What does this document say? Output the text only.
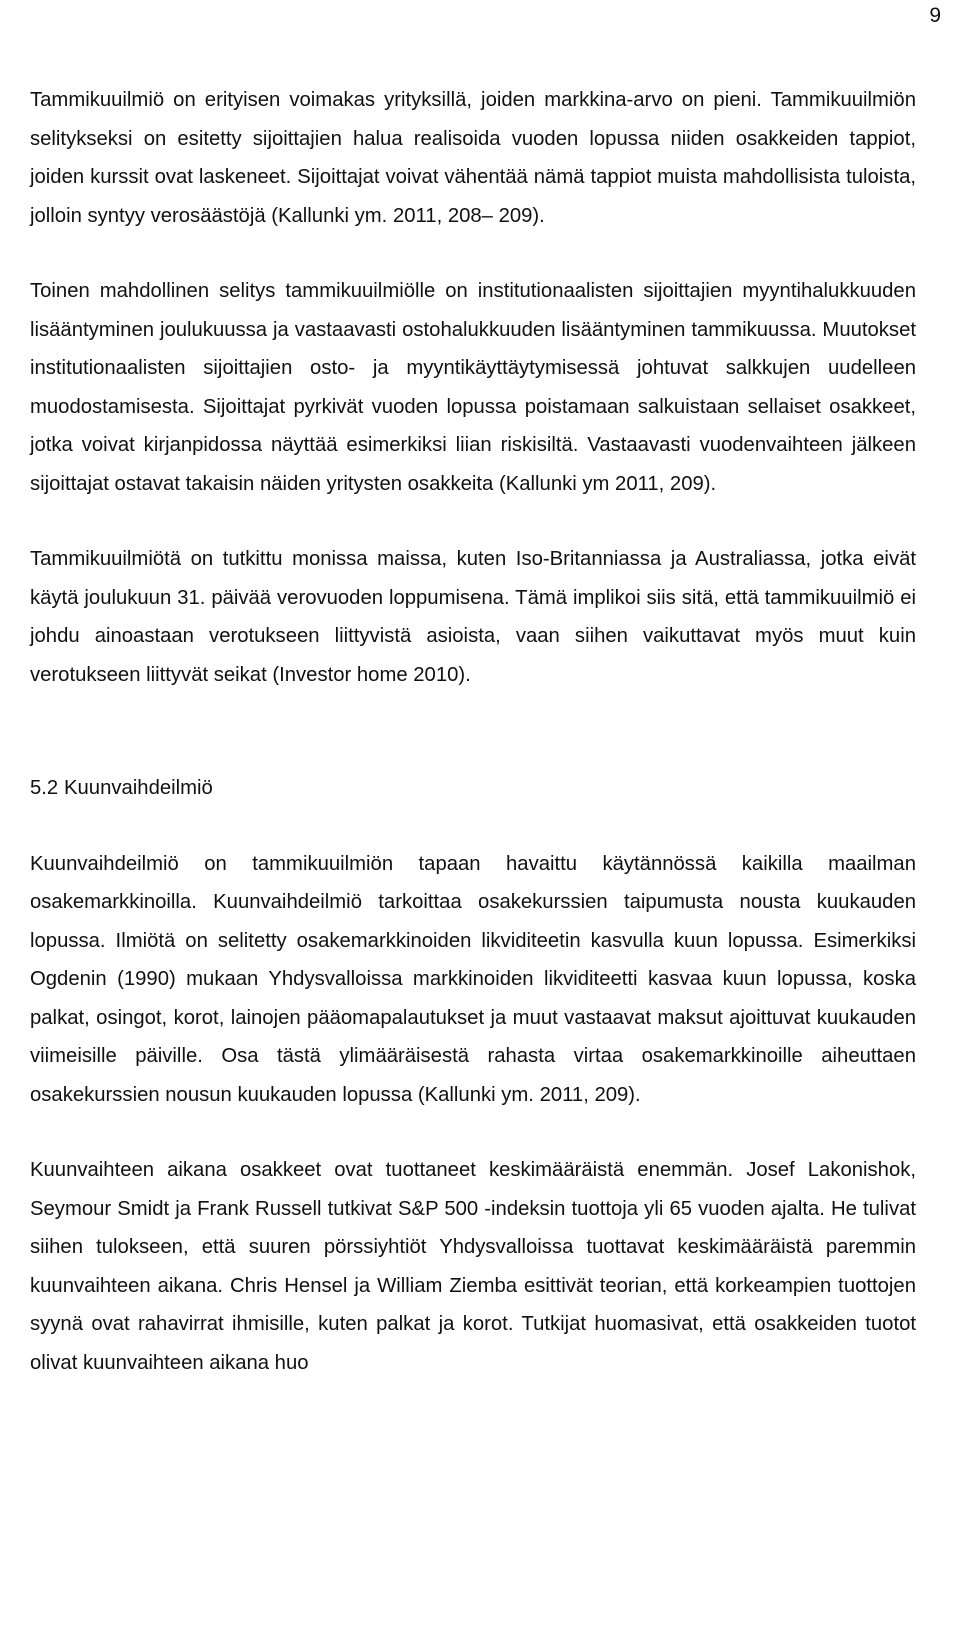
9

Tammikuuilmiö on erityisen voimakas yrityksillä, joiden markkina-arvo on pieni. Tammikuuilmiön selitykseksi on esitetty sijoittajien halua realisoida vuoden lopussa niiden osakkeiden tappiot, joiden kurssit ovat laskeneet. Sijoittajat voivat vähentää nämä tappiot muista mahdollisista tuloista, jolloin syntyy verosäästöjä (Kallunki ym. 2011, 208– 209).

Toinen mahdollinen selitys tammikuuilmiölle on institutionaalisten sijoittajien myyntihalukkuuden lisääntyminen joulukuussa ja vastaavasti ostohalukkuuden lisääntyminen tammikuussa. Muutokset institutionaalisten sijoittajien osto- ja myyntikäyttäytymisessä johtuvat salkkujen uudelleen muodostamisesta. Sijoittajat pyrkivät vuoden lopussa poistamaan salkuistaan sellaiset osakkeet, jotka voivat kirjanpidossa näyttää esimerkiksi liian riskisiltä. Vastaavasti vuodenvaihteen jälkeen sijoittajat ostavat takaisin näiden yritysten osakkeita (Kallunki ym 2011, 209).

Tammikuuilmiötä on tutkittu monissa maissa, kuten Iso-Britanniassa ja Australiassa, jotka eivät käytä joulukuun 31. päivää verovuoden loppumisena. Tämä implikoi siis sitä, että tammikuuilmiö ei johdu ainoastaan verotukseen liittyvistä asioista, vaan siihen vaikuttavat myös muut kuin verotukseen liittyvät seikat (Investor home 2010).

5.2 Kuunvaihdeilmiö

Kuunvaihdeilmiö on tammikuuilmiön tapaan havaittu käytännössä kaikilla maailman osakemarkkinoilla. Kuunvaihdeilmiö tarkoittaa osakekurssien taipumusta nousta kuukauden lopussa. Ilmiötä on selitetty osakemarkkinoiden likviditeetin kasvulla kuun lopussa. Esimerkiksi Ogdenin (1990) mukaan Yhdysvalloissa markkinoiden likviditeetti kasvaa kuun lopussa, koska palkat, osingot, korot, lainojen pääomapalautukset ja muut vastaavat maksut ajoittuvat kuukauden viimeisille päiville. Osa tästä ylimääräisestä rahasta virtaa osakemarkkinoille aiheuttaen osakekurssien nousun kuukauden lopussa (Kallunki ym. 2011, 209).

Kuunvaihteen aikana osakkeet ovat tuottaneet keskimääräistä enemmän. Josef Lakonishok, Seymour Smidt ja Frank Russell tutkivat S&P 500 -indeksin tuottoja yli 65 vuoden ajalta. He tulivat siihen tulokseen, että suuren pörssiyhtiöt Yhdysvalloissa tuottavat keskimääräistä paremmin kuunvaihteen aikana. Chris Hensel ja William Ziemba esittivät teorian, että korkeampien tuottojen syynä ovat rahavirrat ihmisille, kuten palkat ja korot. Tutkijat huomasivat, että osakkeiden tuotot olivat kuunvaihteen aikana huo
